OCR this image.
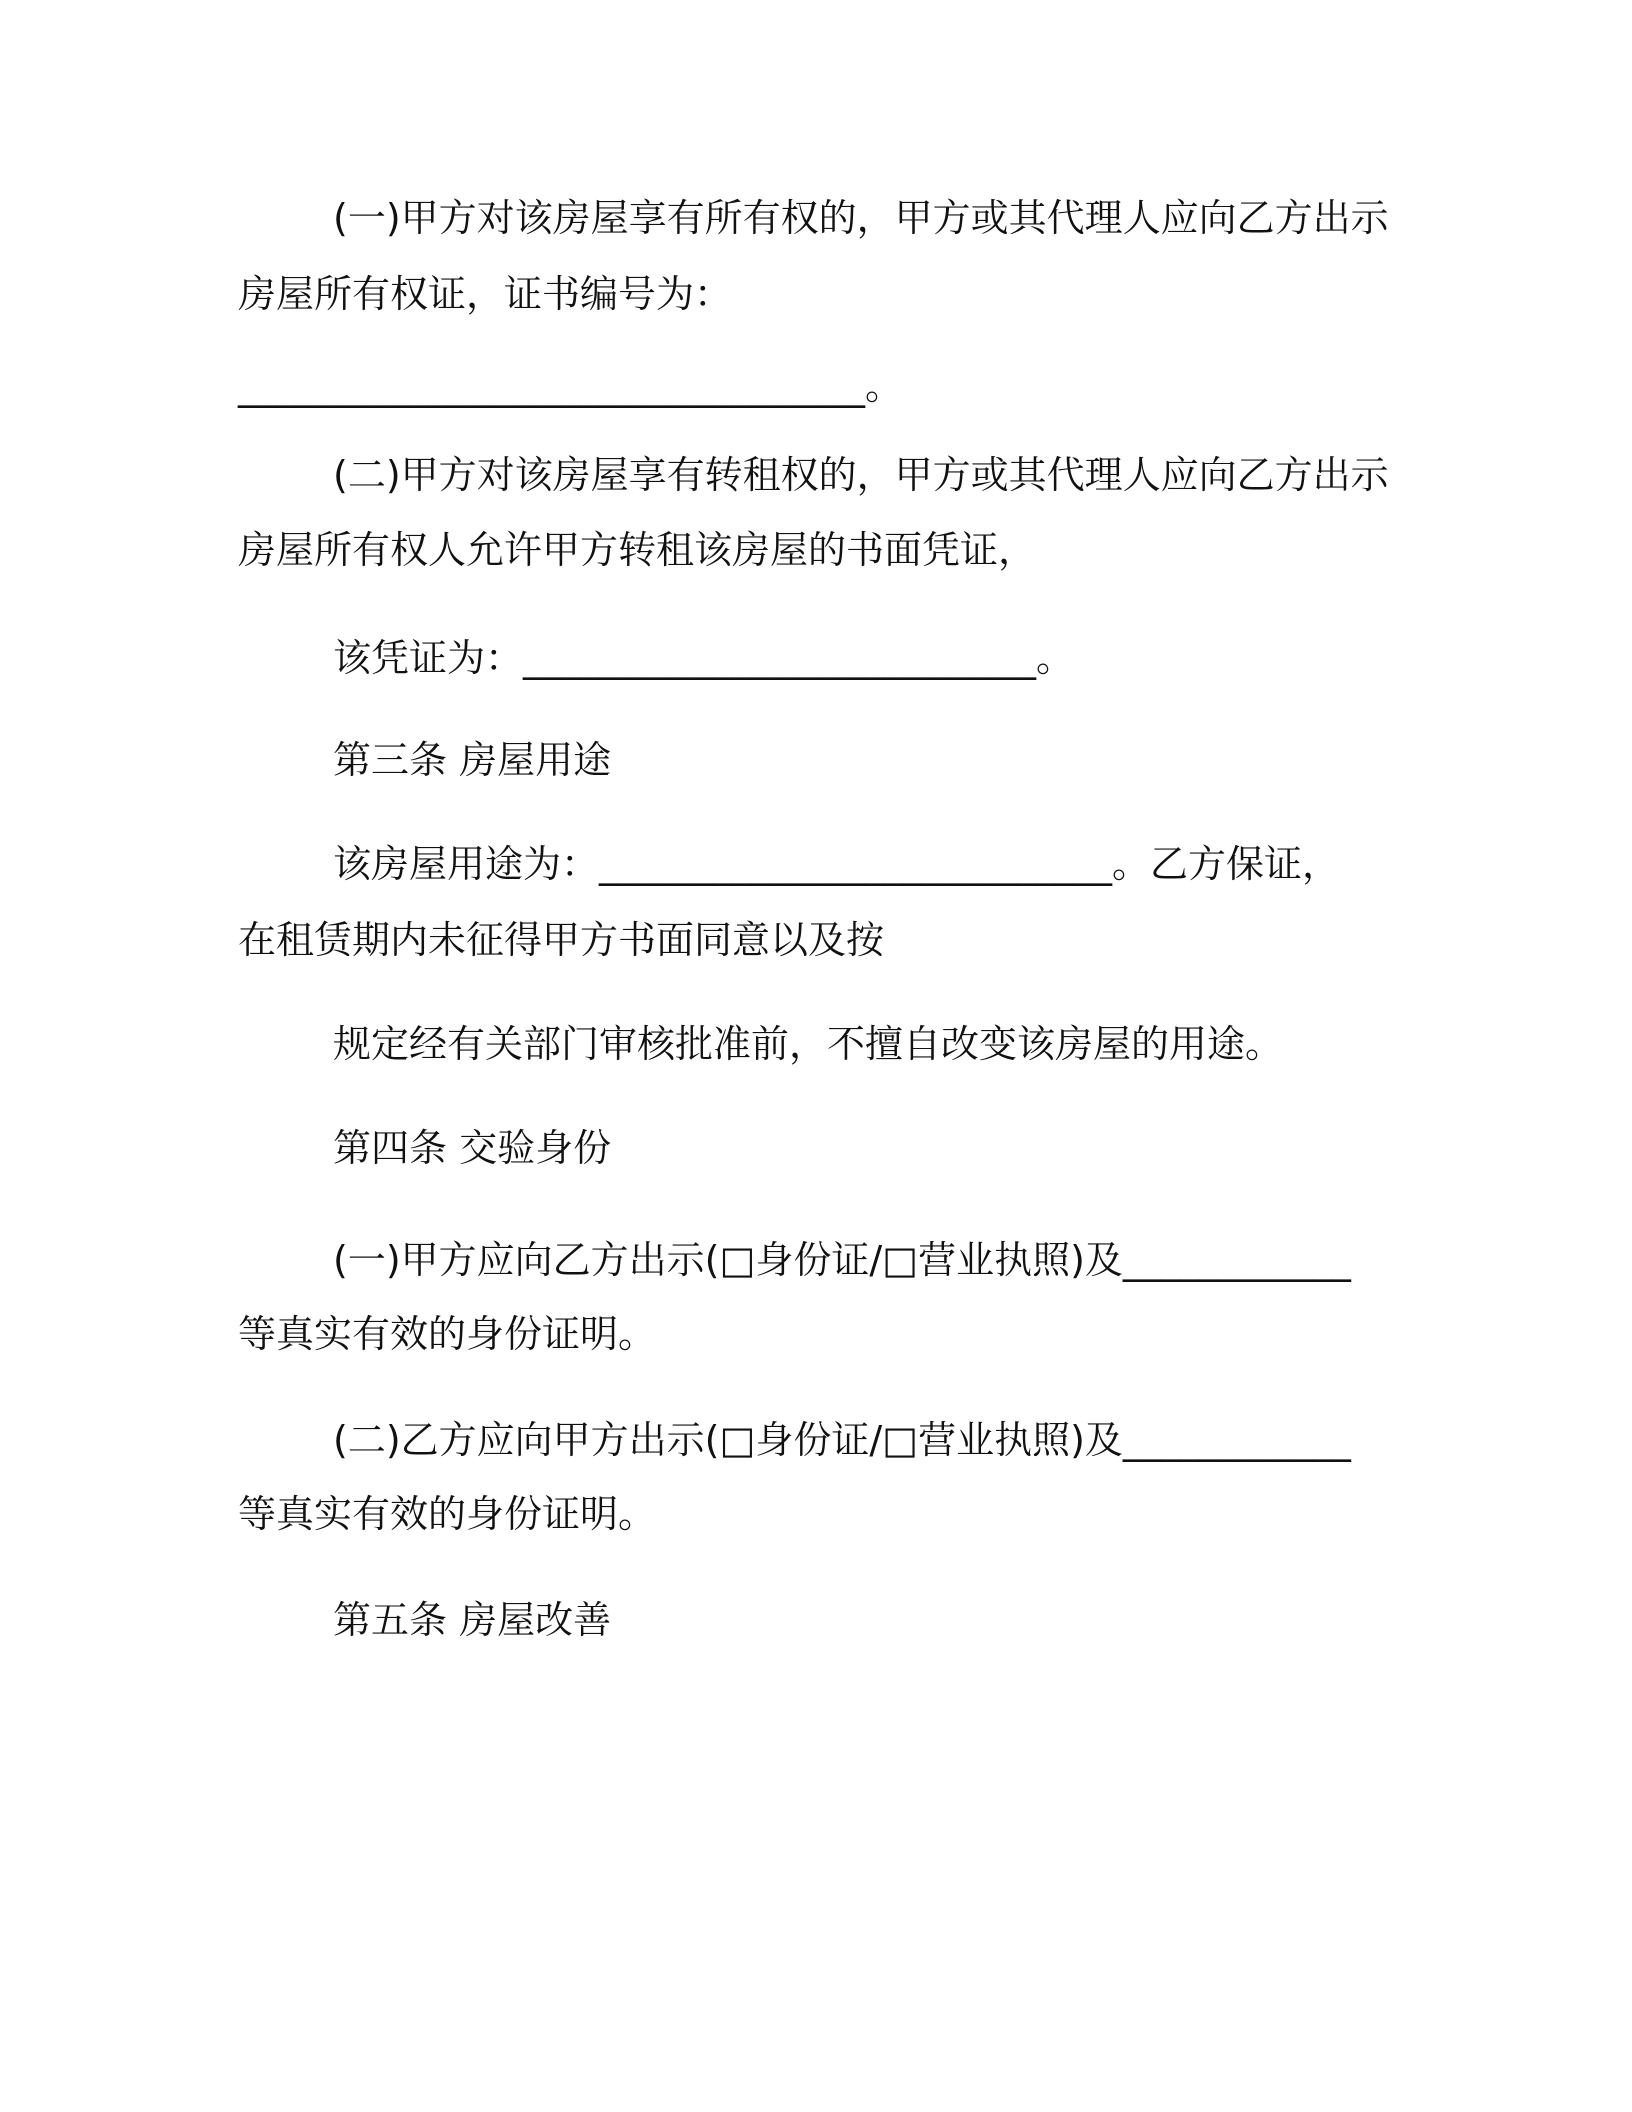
(一)甲方对该房屋享有所有权的，甲方或其代理人应向乙方出示
房屋所有权证，证书编号为：
_________________________________。
(二)甲方对该房屋享有转租权的，甲方或其代理人应向乙方出示
房屋所有权人允许甲方转租该房屋的书面凭证，
该凭证为：___________________________。
第三条 房屋用途
该房屋用途为：___________________________。乙方保证，
在租赁期内未征得甲方书面同意以及按
规定经有关部门审核批准前，不擅自改变该房屋的用途。
第四条 交验身份
(一)甲方应向乙方出示(□身份证/□营业执照)及____________
等真实有效的身份证明。
(二)乙方应向甲方出示(□身份证/□营业执照)及____________
等真实有效的身份证明。
第五条 房屋改善
